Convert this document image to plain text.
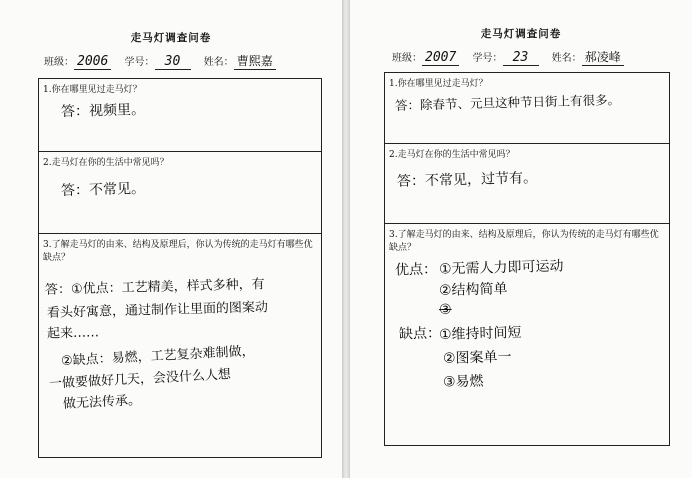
走马灯调查问卷
班级： 2006 学号： 30 姓名： 曹熙嘉
1.你在哪里见过走马灯？
答：视频里。
2.走马灯在你的生活中常见吗？
答：不常见。
3.了解走马灯的由来、结构及原理后，你认为传统的走马灯有哪些优缺点？
答：①优点：工艺精美，样式多种，有
看头好寓意，通过制作让里面的图案动
起来……
②缺点：易燃，工艺复杂难制做，
一做要做好几天，会没什么人想
做无法传承。
走马灯调查问卷
班级： 2007 学号： 23 姓名： 郝凌峰
1.你在哪里见过走马灯？
答：除春节、元旦这种节日街上有很多。
2.走马灯在你的生活中常见吗？
答：不常见，过节有。
3.了解走马灯的由来、结构及原理后，你认为传统的走马灯有哪些优缺点？
优点： ①无需人力即可运动
②结构简单
③
缺点：
①维持时间短
②图案单一
③易燃
